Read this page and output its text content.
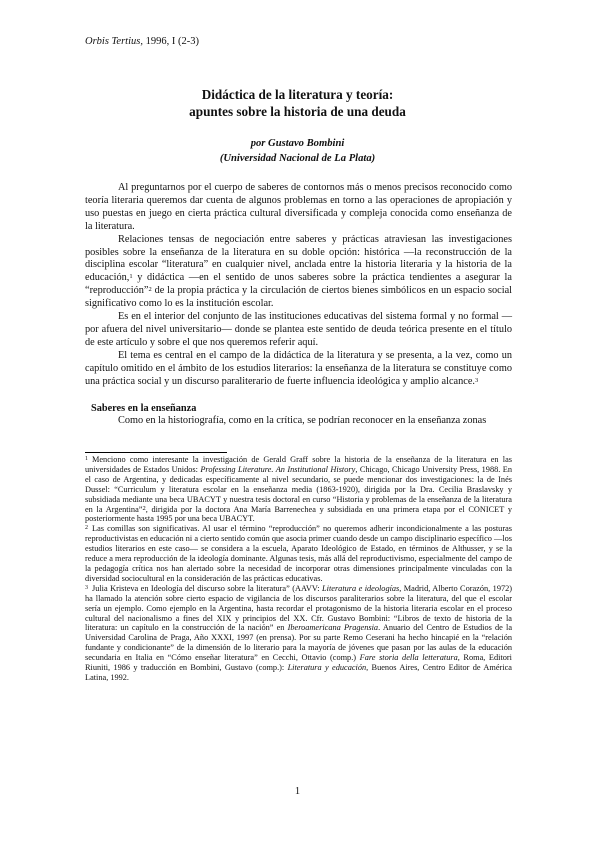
Orbis Tertius, 1996, I (2-3)
Didáctica de la literatura y teoría:
apuntes sobre la historia de una deuda
por Gustavo Bombini
(Universidad Nacional de La Plata)

Al preguntarnos por el cuerpo de saberes de contornos más o menos precisos reconocido como teoría literaria queremos dar cuenta de algunos problemas en torno a las operaciones de apropiación y uso puestas en juego en cierta práctica cultural diversificada y compleja conocida como enseñanza de la literatura.

Relaciones tensas de negociación entre saberes y prácticas atraviesan las investigaciones posibles sobre la enseñanza de la literatura en su doble opción: histórica —la reconstrucción de la disciplina escolar “literatura” en cualquier nivel, anclada entre la historia literaria y la historia de la educación,$^1$ y didáctica —en el sentido de unos saberes sobre la práctica tendientes a asegurar la “reproducción”$^2$ de la propia práctica y la circulación de ciertos bienes simbólicos en un espacio social significativo como lo es la institución escolar.

Es en el interior del conjunto de las instituciones educativas del sistema formal y no formal —por afuera del nivel universitario— donde se plantea este sentido de deuda teórica presente en el título de este artículo y sobre el que nos queremos referir aquí.

El tema es central en el campo de la didáctica de la literatura y se presenta, a la vez, como un capítulo omitido en el ámbito de los estudios literarios: la enseñanza de la literatura se constituye como una práctica social y un discurso paraliterario de fuerte influencia ideológica y amplio alcance.$^3$

Saberes en la enseñanza

Como en la historiografía, como en la crítica, se podrían reconocer en la enseñanza zonas

$^1$ Menciono como interesante la investigación de Gerald Graff sobre la historia de la enseñanza de la literatura en las universidades de Estados Unidos: Professing Literature. An Institutional History, Chicago, Chicago University Press, 1988. En el caso de Argentina, y dedicadas específicamente al nivel secundario, se puede mencionar dos investigaciones: la de Inés Dussel: “Curriculum y literatura escolar en la enseñanza media (1863-1920), dirigida por la Dra. Cecilia Braslavsky y subsidiada mediante una beca UBACYT y nuestra tesis doctoral en curso “Historia y problemas de la enseñanza de la literatura en la Argentina”$^2$, dirigida por la doctora Ana María Barrenechea y subsidiada en una primera etapa por el CONICET y posteriormente hasta 1995 por una beca UBACYT.

$^2$ Las comillas son significativas. Al usar el término “reproducción” no queremos adherir incondicionalmente a las posturas reproductivistas en educación ni a cierto sentido común que asocia primer cuando desde un campo disciplinario específico —los estudios literarios en este caso— se considera a la escuela, Aparato Ideológico de Estado, en términos de Althusser, y se la reduce a mera reproducción de la ideología dominante. Algunas tesis, más allá del reproductivismo, especialmente del campo de la pedagogía crítica nos han alertado sobre la necesidad de incorporar otras dimensiones principalmente vinculadas con la diversidad sociocultural en la consideración de las prácticas educativas.

$^3$ Julia Kristeva en Ideología del discurso sobre la literatura” (AAVV: Literatura e ideologías, Madrid, Alberto Corazón, 1972) ha llamado la atención sobre cierto espacio de vigilancia de los discursos paraliterarios sobre la literatura, del que el escolar sería un ejemplo. Como ejemplo en la Argentina, hasta recordar el protagonismo de la historia literaria escolar en el proceso cultural del nacionalismo a fines del XIX y principios del XX. Cfr. Gustavo Bombini: “Libros de texto de historia de la literatura: un capítulo en la construcción de la nación” en Iberoamericana Pragensia. Anuario del Centro de Estudios de la Universidad Carolina de Praga, Año XXXI, 1997 (en prensa). Por su parte Remo Ceserani ha hecho hincapié en la “relación fundante y condicionante” de la dimensión de lo literario para la mayoría de jóvenes que pasan por las aulas de la educación secundaria en Italia en “Cómo enseñar literatura” en Cecchi, Ottavio (comp.) Fare storia della letteratura, Roma, Editori Riuniti, 1986 y traducción en Bombini, Gustavo (comp.): Literatura y educación, Buenos Aires, Centro Editor de América Latina, 1992.

1
